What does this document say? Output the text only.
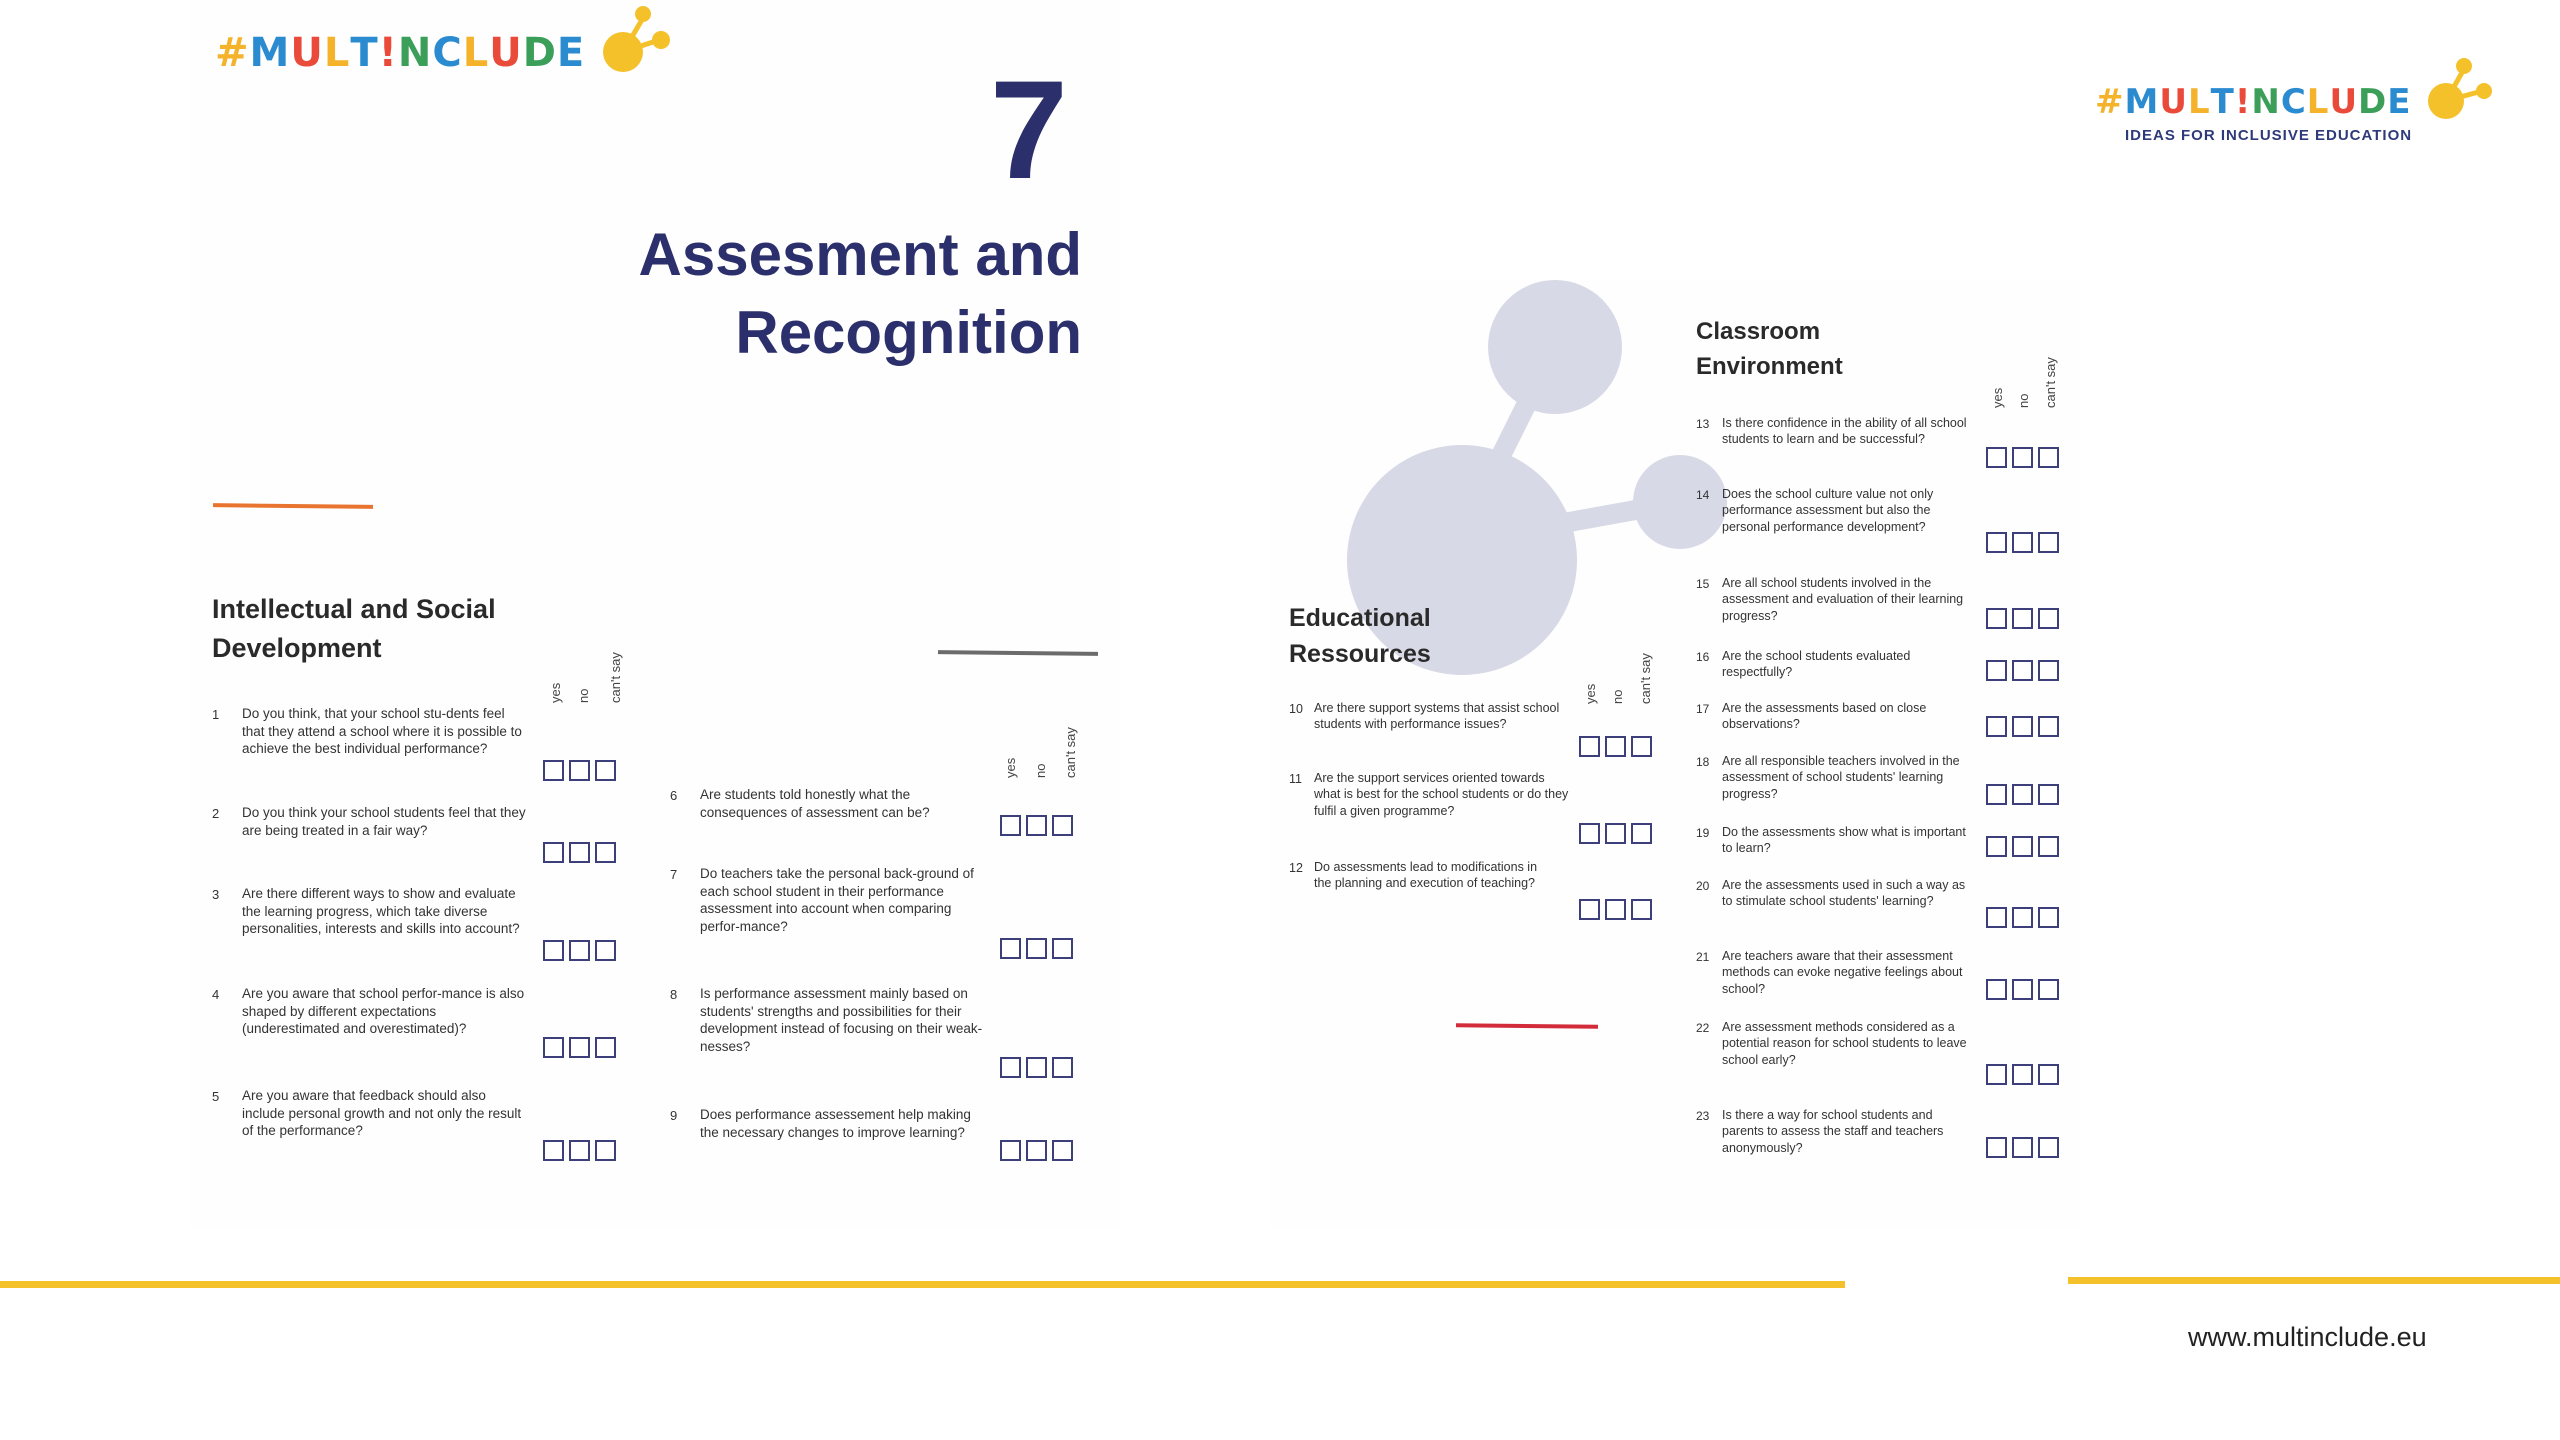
#MULT!NCLUDE
#MULT!NCLUDE
IDEAS FOR INCLUSIVE EDUCATION
7
Assesment and
Recognition
Intellectual and Social
Development
yes no can't say
yes no can't say
1 Do you think, that your school stu-dents feel that they attend a school where it is possible to achieve the best individual performance?
2 Do you think your school students feel that they are being treated in a fair way?
3 Are there different ways to show and evaluate the learning progress, which take diverse personalities, interests and skills into account?
4 Are you aware that school perfor-mance is also shaped by different expectations (underestimated and overestimated)?
5 Are you aware that feedback should also include personal growth and not only the result of the performance?
6 Are students told honestly what the consequences of assessment can be?
7 Do teachers take the personal back-ground of each school student in their performance assessment into account when comparing perfor-mance?
8 Is performance assessment mainly based on students' strengths and possibilities for their development instead of focusing on their weak-nesses?
9 Does performance assessement help making the necessary changes to improve learning?
Educational
Ressources
yes no can't say
10 Are there support systems that assist school students with performance issues?
11 Are the support services oriented towards what is best for the school students or do they fulfil a given programme?
12 Do assessments lead to modifications in the planning and execution of teaching?
Classroom
Environment
yes no can't say
13 Is there confidence in the ability of all school students to learn and be successful?
14 Does the school culture value not only performance assessment but also the personal performance development?
15 Are all school students involved in the assessment and evaluation of their learning progress?
16 Are the school students evaluated respectfully?
17 Are the assessments based on close observations?
18 Are all responsible teachers involved in the assessment of school students' learning progress?
19 Do the assessments show what is important to learn?
20 Are the assessments used in such a way as to stimulate school students' learning?
21 Are teachers aware that their assessment methods can evoke negative feelings about school?
22 Are assessment methods considered as a potential reason for school students to leave school early?
23 Is there a way for school students and parents to assess the staff and teachers anonymously?
www.multinclude.eu
